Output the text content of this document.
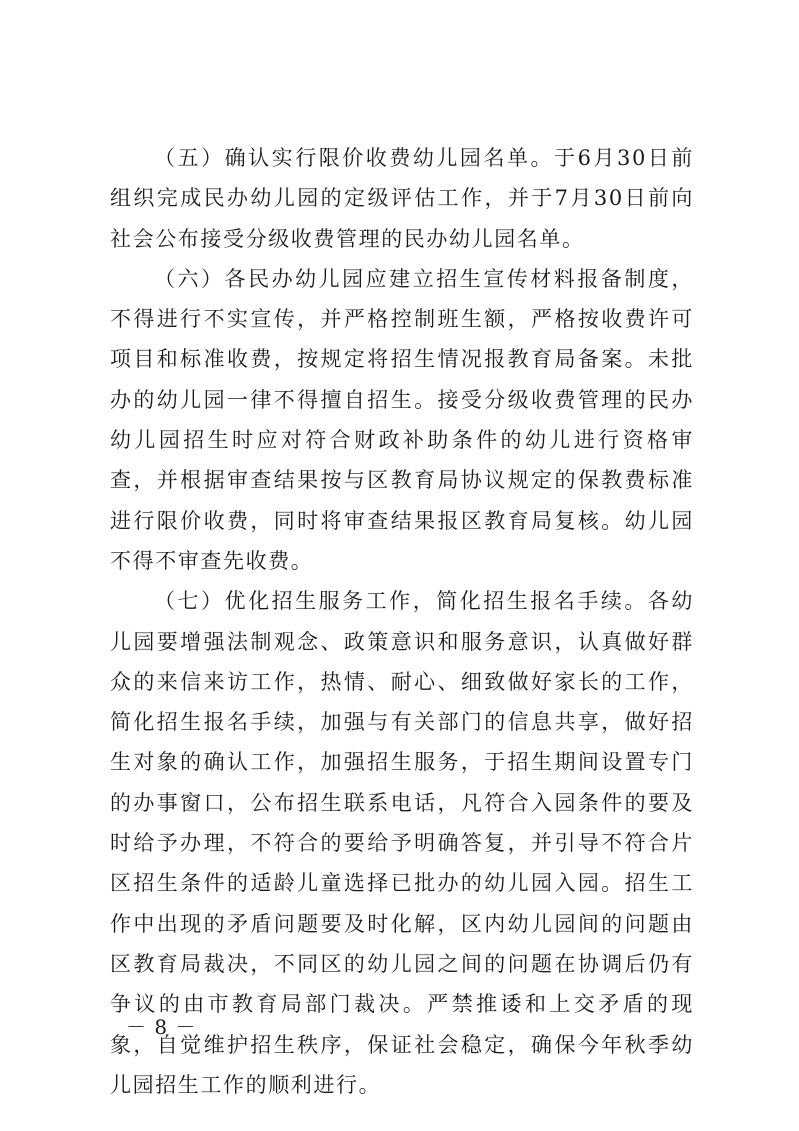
（五）确认实行限价收费幼儿园名单。于6月30日前组织完成民办幼儿园的定级评估工作，并于7月30日前向社会公布接受分级收费管理的民办幼儿园名单。

（六）各民办幼儿园应建立招生宣传材料报备制度，不得进行不实宣传，并严格控制班生额，严格按收费许可项目和标准收费，按规定将招生情况报教育局备案。未批办的幼儿园一律不得擅自招生。接受分级收费管理的民办幼儿园招生时应对符合财政补助条件的幼儿进行资格审查，并根据审查结果按与区教育局协议规定的保教费标准进行限价收费，同时将审查结果报区教育局复核。幼儿园不得不审查先收费。

（七）优化招生服务工作，简化招生报名手续。各幼儿园要增强法制观念、政策意识和服务意识，认真做好群众的来信来访工作，热情、耐心、细致做好家长的工作，简化招生报名手续，加强与有关部门的信息共享，做好招生对象的确认工作，加强招生服务，于招生期间设置专门的办事窗口，公布招生联系电话，凡符合入园条件的要及时给予办理，不符合的要给予明确答复，并引导不符合片区招生条件的适龄儿童选择已批办的幼儿园入园。招生工作中出现的矛盾问题要及时化解，区内幼儿园间的问题由区教育局裁决，不同区的幼儿园之间的问题在协调后仍有争议的由市教育局部门裁决。严禁推诿和上交矛盾的现象，自觉维护招生秩序，保证社会稳定，确保今年秋季幼儿园招生工作的顺利进行。

－ 8 －
